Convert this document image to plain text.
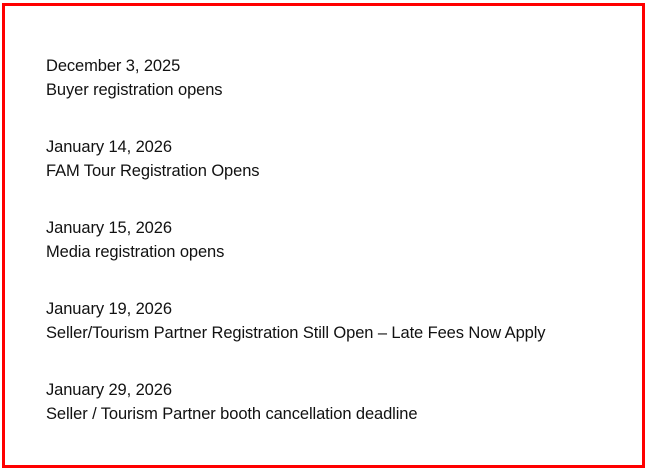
December 3, 2025
Buyer registration opens
January 14, 2026
FAM Tour Registration Opens
January 15, 2026
Media registration opens
January 19, 2026
Seller/Tourism Partner Registration Still Open – Late Fees Now Apply
January 29, 2026
Seller / Tourism Partner booth cancellation deadline
